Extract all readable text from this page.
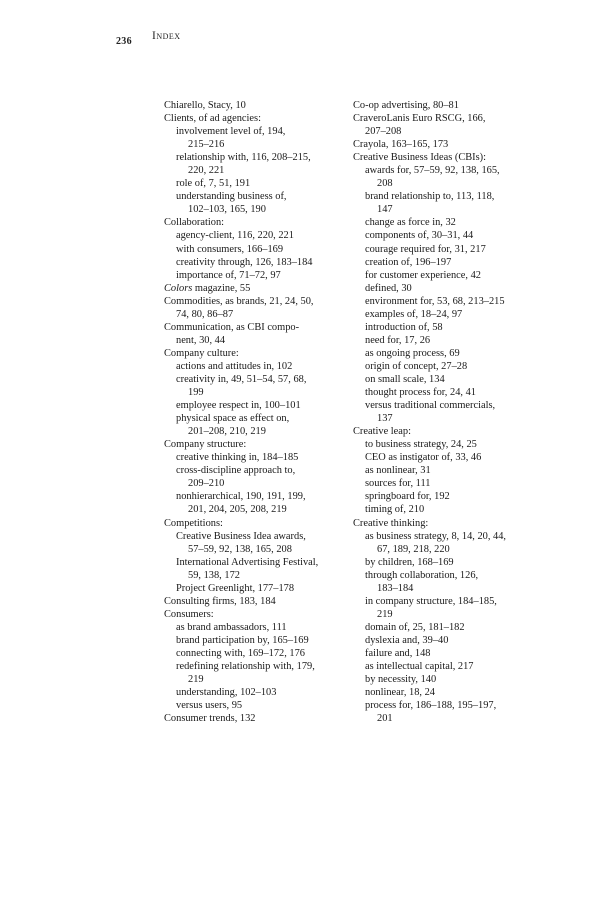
236 Index
Chiarello, Stacy, 10
Clients, of ad agencies:
involvement level of, 194,
215–216
relationship with, 116, 208–215,
220, 221
role of, 7, 51, 191
understanding business of,
102–103, 165, 190
Collaboration:
agency-client, 116, 220, 221
with consumers, 166–169
creativity through, 126, 183–184
importance of, 71–72, 97
Colors magazine, 55
Commodities, as brands, 21, 24, 50,
74, 80, 86–87
Communication, as CBI compo-
nent, 30, 44
Company culture:
actions and attitudes in, 102
creativity in, 49, 51–54, 57, 68,
199
employee respect in, 100–101
physical space as effect on,
201–208, 210, 219
Company structure:
creative thinking in, 184–185
cross-discipline approach to,
209–210
nonhierarchical, 190, 191, 199,
201, 204, 205, 208, 219
Competitions:
Creative Business Idea awards,
57–59, 92, 138, 165, 208
International Advertising Festival,
59, 138, 172
Project Greenlight, 177–178
Consulting firms, 183, 184
Consumers:
as brand ambassadors, 111
brand participation by, 165–169
connecting with, 169–172, 176
redefining relationship with, 179,
219
understanding, 102–103
versus users, 95
Consumer trends, 132
Co-op advertising, 80–81
CraveroLanis Euro RSCG, 166,
207–208
Crayola, 163–165, 173
Creative Business Ideas (CBIs):
awards for, 57–59, 92, 138, 165,
208
brand relationship to, 113, 118,
147
change as force in, 32
components of, 30–31, 44
courage required for, 31, 217
creation of, 196–197
for customer experience, 42
defined, 30
environment for, 53, 68, 213–215
examples of, 18–24, 97
introduction of, 58
need for, 17, 26
as ongoing process, 69
origin of concept, 27–28
on small scale, 134
thought process for, 24, 41
versus traditional commercials,
137
Creative leap:
to business strategy, 24, 25
CEO as instigator of, 33, 46
as nonlinear, 31
sources for, 111
springboard for, 192
timing of, 210
Creative thinking:
as business strategy, 8, 14, 20, 44,
67, 189, 218, 220
by children, 168–169
through collaboration, 126,
183–184
in company structure, 184–185,
219
domain of, 25, 181–182
dyslexia and, 39–40
failure and, 148
as intellectual capital, 217
by necessity, 140
nonlinear, 18, 24
process for, 186–188, 195–197,
201
